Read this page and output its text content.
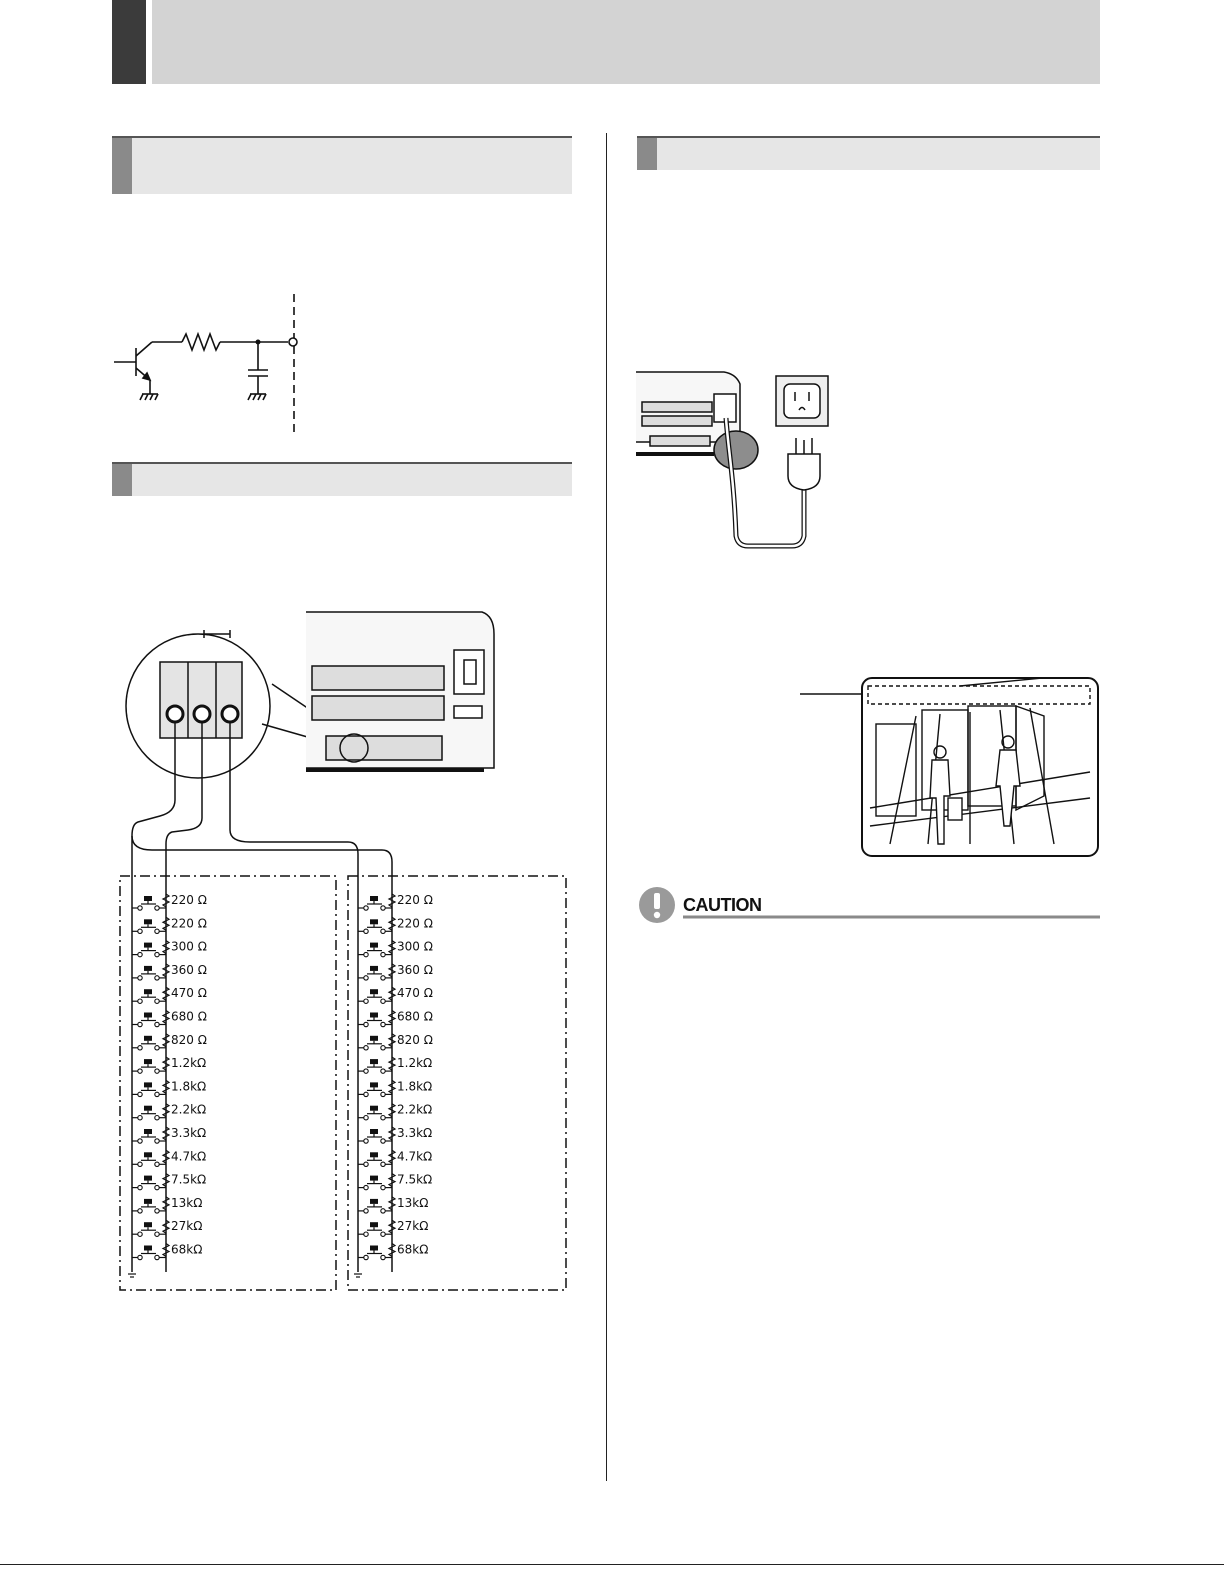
220 Ω
220 Ω
300 Ω
360 Ω
470 Ω
680 Ω
820 Ω
1.2kΩ
1.8kΩ
2.2kΩ
3.3kΩ
4.7kΩ
7.5kΩ
13kΩ
27kΩ
68kΩ
220 Ω
220 Ω
300 Ω
360 Ω
470 Ω
680 Ω
820 Ω
1.2kΩ
1.8kΩ
2.2kΩ
3.3kΩ
4.7kΩ
7.5kΩ
13kΩ
27kΩ
68kΩ
CAUTION
